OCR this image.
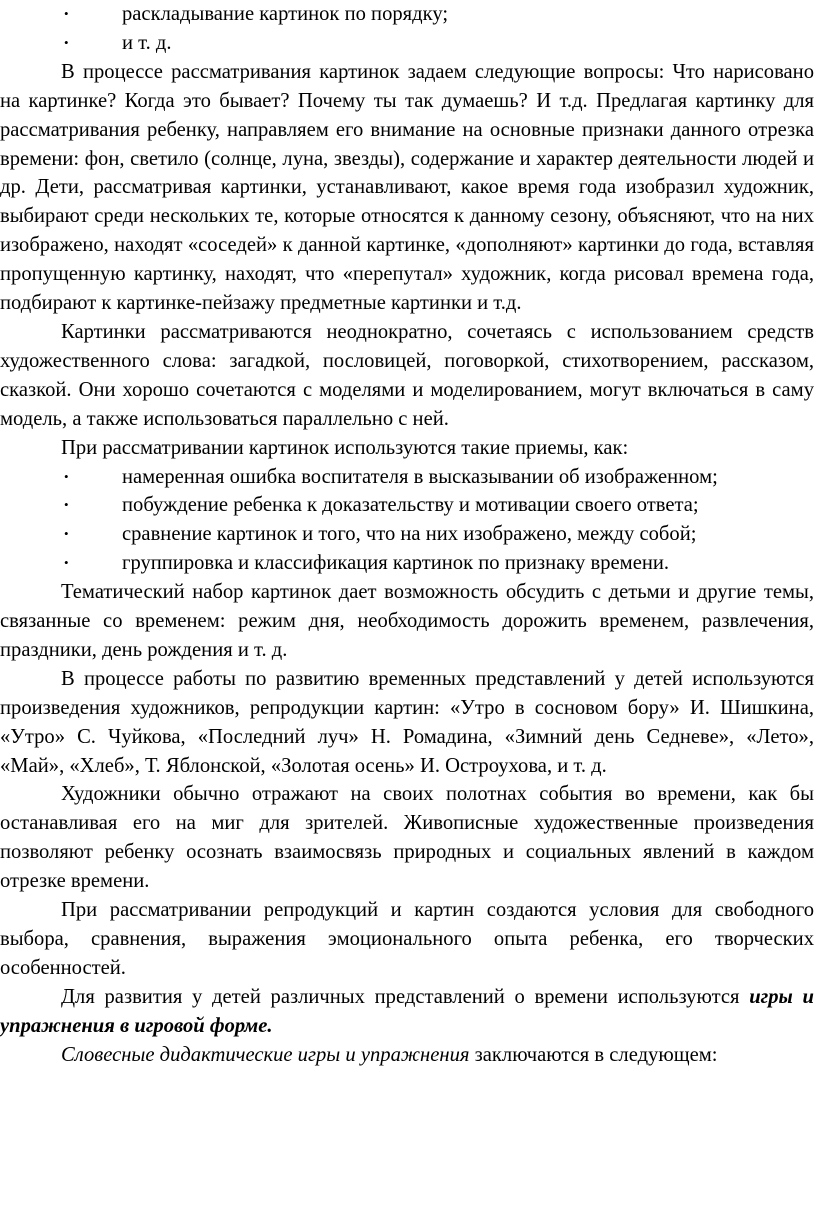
•	раскладывание картинок по порядку;
•	и т. д.

В процессе рассматривания картинок задаем следующие вопросы: Что нарисовано на картинке? Когда это бывает? Почему ты так думаешь? И т.д. Предлагая картинку для рассматривания ребенку, направляем его внимание на основные признаки данного отрезка времени: фон, светило (солнце, луна, звезды), содержание и характер деятельности людей и др. Дети, рассматривая картинки, устанавливают, какое время года изобразил художник, выбирают среди нескольких те, которые относятся к данному сезону, объясняют, что на них изображено, находят «соседей» к данной картинке, «дополняют» картинки до года, вставляя пропущенную картинку, находят, что «перепутал» художник, когда рисовал времена года, подбирают к картинке-пейзажу предметные картинки и т.д.

Картинки рассматриваются неоднократно, сочетаясь с использованием средств художественного слова: загадкой, пословицей, поговоркой, стихотворением, рассказом, сказкой. Они хорошо сочетаются с моделями и моделированием, могут включаться в саму модель, а также использоваться параллельно с ней.

При рассматривании картинок используются такие приемы, как:

•	намеренная ошибка воспитателя в высказывании об изображенном;
•	побуждение ребенка к доказательству и мотивации своего ответа;
•	сравнение картинок и того, что на них изображено, между собой;
•	группировка и классификация картинок по признаку времени.

Тематический набор картинок дает возможность обсудить с детьми и другие темы, связанные со временем: режим дня, необходимость дорожить временем, развлечения, праздники, день рождения и т. д.

В процессе работы по развитию временных представлений у детей используются произведения художников, репродукции картин: «Утро в сосновом бору» И. Шишкина, «Утро» С. Чуйкова, «Последний луч» Н. Ромадина, «Зимний день Седневе», «Лето», «Май», «Хлеб», Т. Яблонской, «Золотая осень» И. Остроухова, и т. д.

Художники обычно отражают на своих полотнах события во времени, как бы останавливая его на миг для зрителей. Живописные художественные произведения позволяют ребенку осознать взаимосвязь природных и социальных явлений в каждом отрезке времени.

При рассматривании репродукций и картин создаются условия для свободного выбора, сравнения, выражения эмоционального опыта ребенка, его творческих особенностей.

Для развития у детей различных представлений о времени используются игры и упражнения в игровой форме.

Словесные дидактические игры и упражнения заключаются в следующем:
